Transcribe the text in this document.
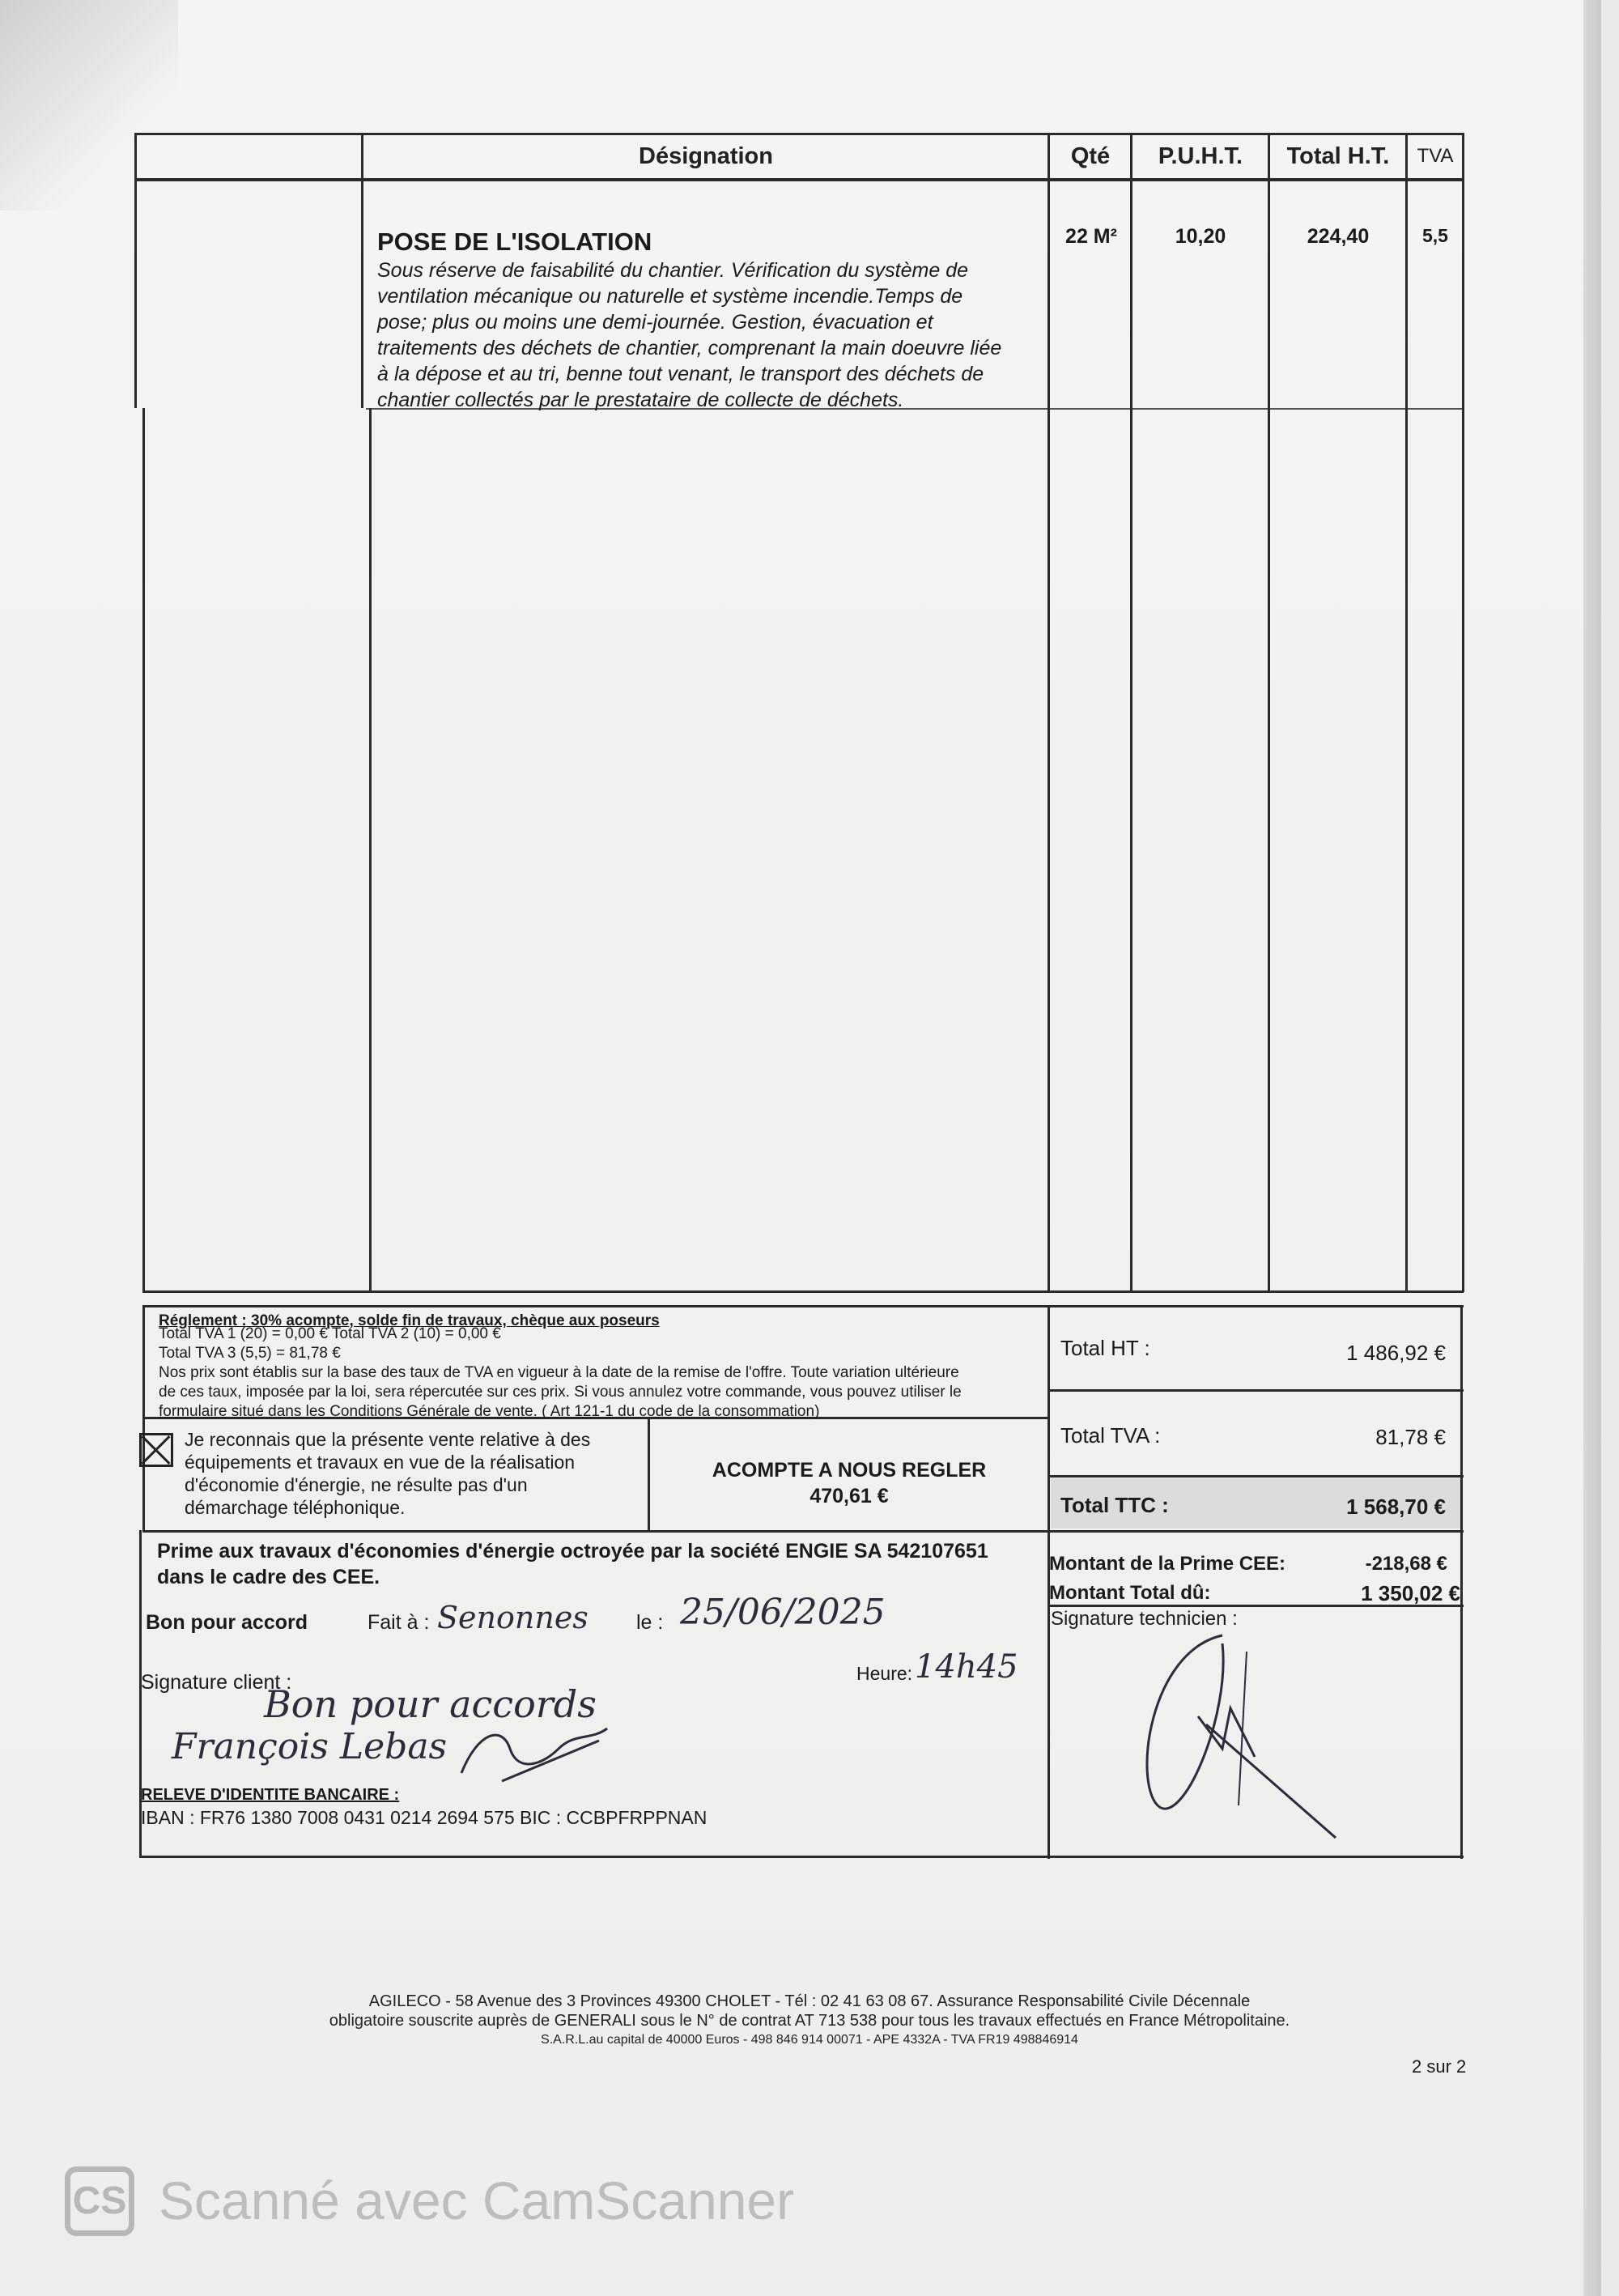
Désignation	Qté	P.U.H.T.	Total H.T.	TVA
POSE DE L'ISOLATION
Sous réserve de faisabilité du chantier. Vérification du système de
ventilation mécanique ou naturelle et système incendie.Temps de
pose; plus ou moins une demi-journée. Gestion, évacuation et
traitements des déchets de chantier, comprenant la main doeuvre liée
à la dépose et au tri, benne tout venant, le transport des déchets de
chantier collectés par le prestataire de collecte de déchets.
22 M²	10,20	224,40	5,5
Réglement : 30% acompte, solde fin de travaux, chèque aux poseurs
Total TVA 1 (20) = 0,00 € Total TVA 2 (10) = 0,00 €
Total TVA 3 (5,5) = 81,78 €
Nos prix sont établis sur la base des taux de TVA en vigueur à la date de la remise de l'offre. Toute variation ultérieure
de ces taux, imposée par la loi, sera répercutée sur ces prix. Si vous annulez votre commande, vous pouvez utiliser le
formulaire situé dans les Conditions Générale de vente. ( Art 121-1 du code de la consommation)
Je reconnais que la présente vente relative à des
équipements et travaux en vue de la réalisation
d'économie d'énergie, ne résulte pas d'un
démarchage téléphonique.
ACOMPTE A NOUS REGLER
470,61 €
Total HT :	1 486,92 €
Total TVA :	81,78 €
Total TTC :	1 568,70 €
Prime aux travaux d'économies d'énergie octroyée par la société ENGIE SA 542107651
dans le cadre des CEE.
Montant de la Prime CEE:	-218,68 €
Montant Total dû:	1 350,02 €
Bon pour accord	Fait à : Senonnes le : 25/06/2025
Heure: 14h45
Signature client :
Bon pour accords
François Lebas
Signature technicien :
RELEVE D'IDENTITE BANCAIRE :
IBAN : FR76 1380 7008 0431 0214 2694 575 BIC : CCBPFRPPNAN
AGILECO - 58 Avenue des 3 Provinces 49300 CHOLET - Tél : 02 41 63 08 67. Assurance Responsabilité Civile Décennale
obligatoire souscrite auprès de GENERALI sous le N° de contrat AT 713 538 pour tous les travaux effectués en France Métropolitaine.
S.A.R.L.au capital de 40000 Euros - 498 846 914 00071 - APE 4332A - TVA FR19 498846914
2 sur 2
CS Scanné avec CamScanner
